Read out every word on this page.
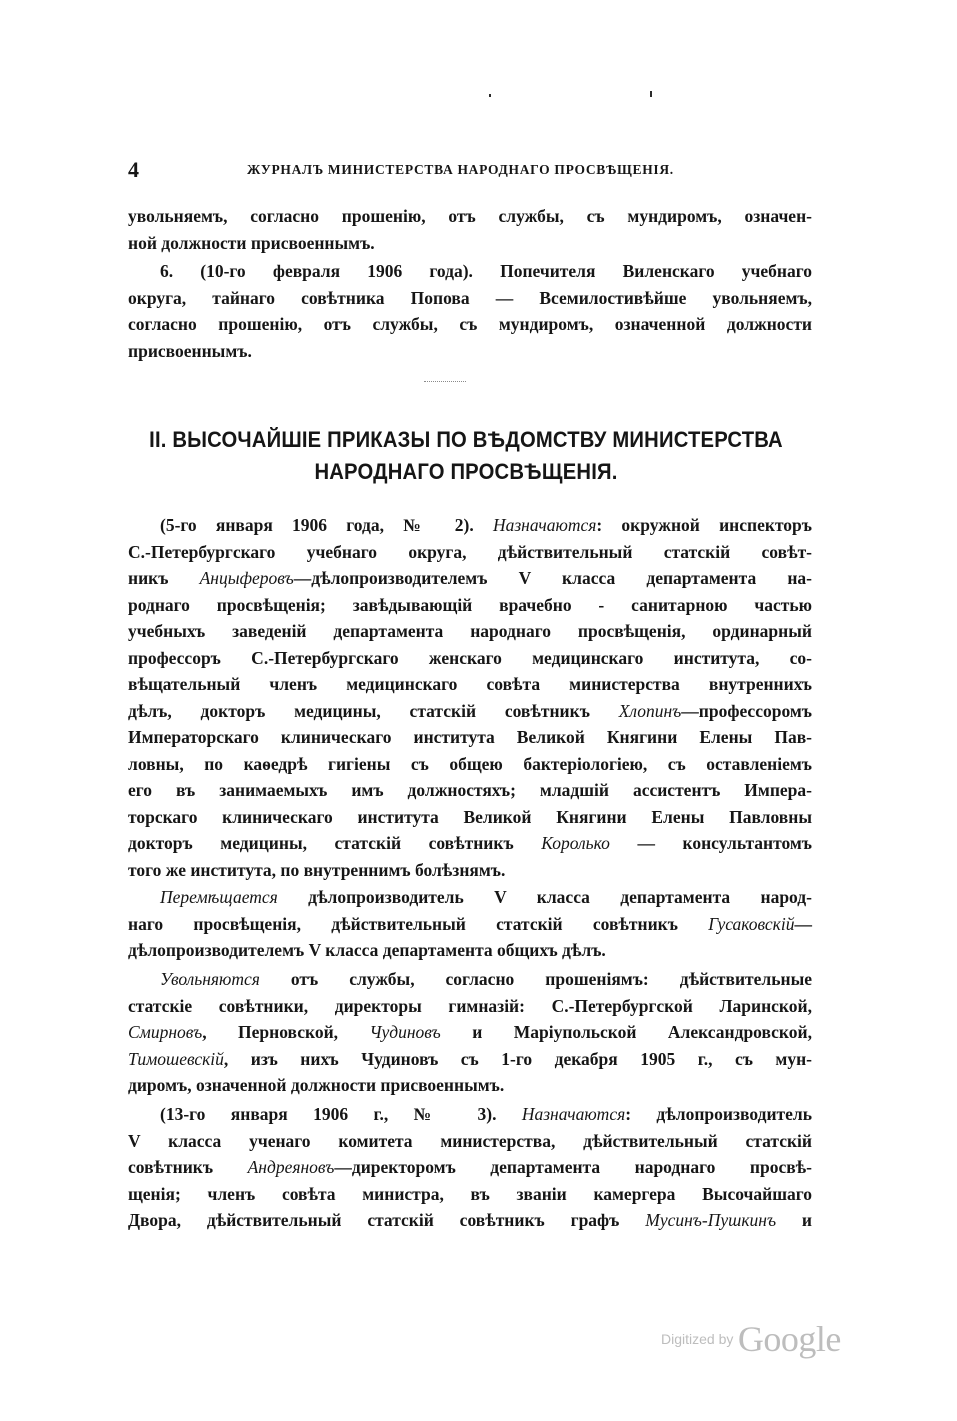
4	ЖУРНАЛЪ МИНИСТЕРСТВА НАРОДНАГО ПРОСВѢЩЕНІЯ.
увольняемъ, согласно прошенію, отъ службы, съ мундиромъ, означен-
ной должности присвоеннымъ.
6. (10-го февраля 1906 года). Попечителя Виленскаго учебнаго
округа, тайнаго совѣтника Попова — Всемилостивѣйше увольняемъ,
согласно прошенію, отъ службы, съ мундиромъ, означенной должности
присвоеннымъ.
II. ВЫСОЧАЙШІЕ ПРИКАЗЫ ПО ВѢДОМСТВУ МИНИСТЕРСТВА
НАРОДНАГО ПРОСВѢЩЕНІЯ.
(5-го января 1906 года, № 2). Назначаются: окружной инспекторъ
С.-Петербургскаго учебнаго округа, дѣйствительный статскій совѣт-
никъ Анцыферовъ—дѣлопроизводителемъ V класса департамента на-
роднаго просвѣщенія; завѣдывающій врачебно - санитарною частью
учебныхъ заведеній департамента народнаго просвѣщенія, ординарный
профессоръ С.-Петербургскаго женскаго медицинскаго института, со-
вѣщательный членъ медицинскаго совѣта министерства внутреннихъ
дѣлъ, докторъ медицины, статскій совѣтникъ Хлопинъ—профессоромъ
Императорскаго клиническаго института Великой Княгини Елены Пав-
ловны, по каѳедрѣ гигіены съ общею бактеріологіею, съ оставленіемъ
его въ занимаемыхъ имъ должностяхъ; младшій ассистентъ Импера-
торскаго клиническаго института Великой Княгини Елены Павловны
докторъ медицины, статскій совѣтникъ Королько — консультантомъ
того же института, по внутреннимъ болѣзнямъ.
Перемѣщается дѣлопроизводитель V класса департамента народ-
наго просвѣщенія, дѣйствительный статскій совѣтникъ Гусаковскій—
дѣлопроизводителемъ V класса департамента общихъ дѣлъ.
Увольняются отъ службы, согласно прошеніямъ: дѣйствительные
статскіе совѣтники, директоры гимназій: С.-Петербургской Ларинской,
Смирновъ, Перновской, Чудиновъ и Маріупольской Александровской,
Тимошевскій, изъ нихъ Чудиновъ съ 1-го декабря 1905 г., съ мун-
диромъ, означенной должности присвоеннымъ.
(13-го января 1906 г., № 3). Назначаются: дѣлопроизводитель
V класса ученаго комитета министерства, дѣйствительный статскій
совѣтникъ Андреяновъ—директоромъ департамента народнаго просвѣ-
щенія; членъ совѣта министра, въ званіи камергера Высочайшаго
Двора, дѣйствительный статскій совѣтникъ графъ Мусинъ-Пушкинъ и
Digitized by Google
